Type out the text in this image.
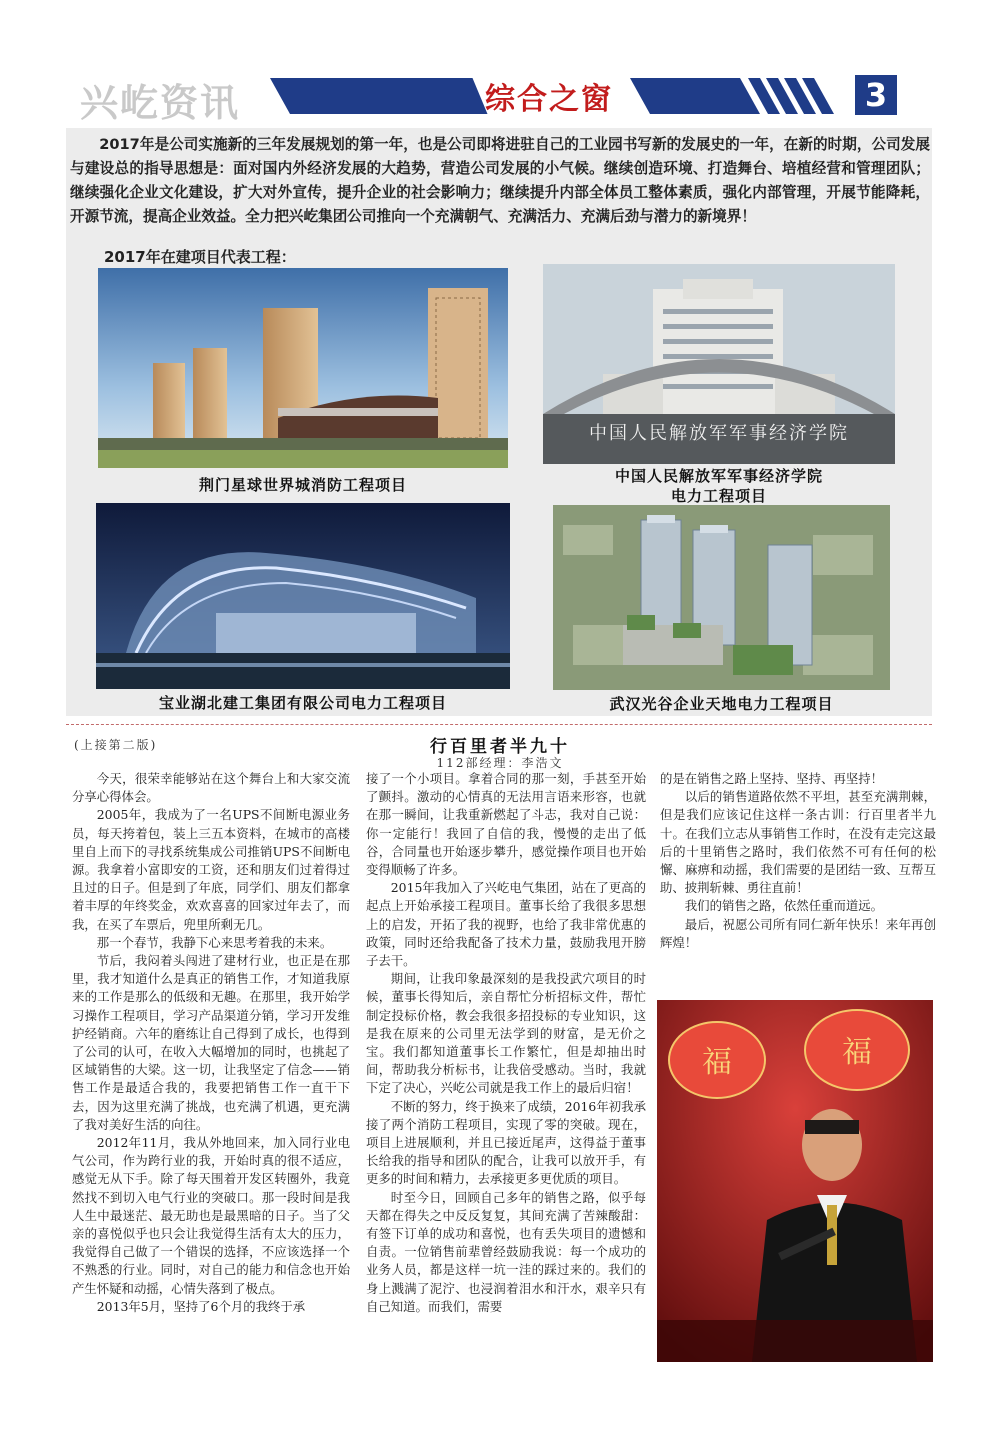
兴屹资讯	综合之窗	3

2017年是公司实施新的三年发展规划的第一年，也是公司即将进驻自己的工业园书写新的发展史的一年，在新的时期，公司发展与建设总的指导思想是：面对国内外经济发展的大趋势，营造公司发展的小气候。继续创造环境、打造舞台、培植经营和管理团队；继续强化企业文化建设，扩大对外宣传，提升企业的社会影响力；继续提升内部全体员工整体素质，强化内部管理，开展节能降耗，开源节流，提高企业效益。全力把兴屹集团公司推向一个充满朝气、充满活力、充满后劲与潜力的新境界！

2017年在建项目代表工程：
荆门星球世界城消防工程项目
中国人民解放军军事经济学院
中国人民解放军军事经济学院
电力工程项目
宝业湖北建工集团有限公司电力工程项目	武汉光谷企业天地电力工程项目
(上接第二版)	行百里者半九十
112部经理：李浩文

今天，很荣幸能够站在这个舞台上和大家交流分享心得体会。

2005年，我成为了一名UPS不间断电源业务员，每天挎着包，装上三五本资料，在城市的高楼里自上而下的寻找系统集成公司推销UPS不间断电源。我拿着小富即安的工资，还和朋友们过着得过且过的日子。但是到了年底，同学们、朋友们都拿着丰厚的年终奖金，欢欢喜喜的回家过年去了，而我，在买了车票后，兜里所剩无几。

那一个春节，我静下心来思考着我的未来。

节后，我闷着头闯进了建材行业，也正是在那里，我才知道什么是真正的销售工作，才知道我原来的工作是那么的低级和无趣。在那里，我开始学习操作工程项目，学习产品渠道分销，学习开发维护经销商。六年的磨练让自己得到了成长，也得到了公司的认可，在收入大幅增加的同时，也挑起了区域销售的大梁。这一切，让我坚定了信念——销售工作是最适合我的，我要把销售工作一直干下去，因为这里充满了挑战，也充满了机遇，更充满了我对美好生活的向往。

2012年11月，我从外地回来，加入同行业电气公司，作为跨行业的我，开始时真的很不适应，感觉无从下手。除了每天围着开发区转圈外，我竟然找不到切入电气行业的突破口。那一段时间是我人生中最迷茫、最无助也是最黑暗的日子。当了父亲的喜悦似乎也只会让我觉得生活有太大的压力，我觉得自己做了一个错误的选择，不应该选择一个不熟悉的行业。同时，对自己的能力和信念也开始产生怀疑和动摇，心情失落到了极点。

2013年5月，坚持了6个月的我终于承

接了一个小项目。拿着合同的那一刻，手甚至开始了颤抖。激动的心情真的无法用言语来形容，也就在那一瞬间，让我重新燃起了斗志，我对自己说：你一定能行！我回了自信的我，慢慢的走出了低谷，合同量也开始逐步攀升，感觉操作项目也开始变得顺畅了许多。

2015年我加入了兴屹电气集团，站在了更高的起点上开始承接工程项目。董事长给了我很多思想上的启发，开拓了我的视野，也给了我非常优惠的政策，同时还给我配备了技术力量，鼓励我甩开膀子去干。

期间，让我印象最深刻的是我投武穴项目的时候，董事长得知后，亲自帮忙分析招标文件，帮忙制定投标价格，教会我很多招投标的专业知识，这是我在原来的公司里无法学到的财富，是无价之宝。我们都知道董事长工作繁忙，但是却抽出时间，帮助我分析标书，让我倍受感动。当时，我就下定了决心，兴屹公司就是我工作上的最后归宿！

不断的努力，终于换来了成绩，2016年初我承接了两个消防工程项目，实现了零的突破。现在，项目上进展顺利，并且已接近尾声，这得益于董事长给我的指导和团队的配合，让我可以放开手，有更多的时间和精力，去承接更多更优质的项目。

时至今日，回顾自己多年的销售之路，似乎每天都在得失之中反反复复，其间充满了苦辣酸甜：有签下订单的成功和喜悦，也有丢失项目的遗憾和自责。一位销售前辈曾经鼓励我说：每一个成功的业务人员，都是这样一坑一洼的踩过来的。我们的身上溅满了泥泞、也浸润着泪水和汗水，艰辛只有自己知道。而我们，需要

的是在销售之路上坚持、坚持、再坚持！

以后的销售道路依然不平坦，甚至充满荆棘，但是我们应该记住这样一条古训：行百里者半九十。在我们立志从事销售工作时，在没有走完这最后的十里销售之路时，我们依然不可有任何的松懈、麻痹和动摇，我们需要的是团结一致、互帮互助、披荆斩棘、勇往直前！

我们的销售之路，依然任重而道远。

最后，祝愿公司所有同仁新年快乐！来年再创辉煌！

福	福
